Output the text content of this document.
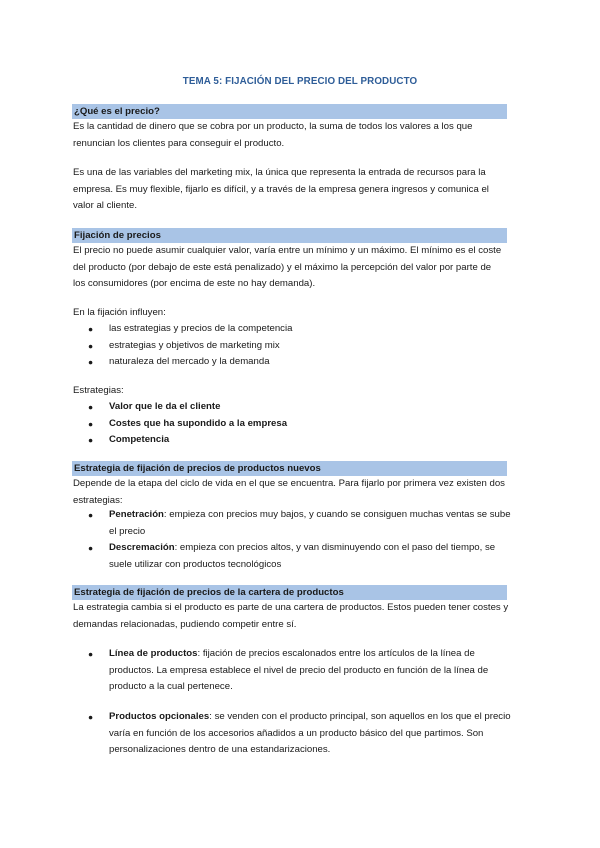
TEMA 5: FIJACIÓN DEL PRECIO DEL PRODUCTO
¿Qué es el precio?

Es la cantidad de dinero que se cobra por un producto, la suma de todos los valores a los que

renuncian los clientes para conseguir el producto.

Es una de las variables del marketing mix, la única que representa la entrada de recursos para la

empresa. Es muy flexible, fijarlo es difícil, y a través de la empresa genera ingresos y comunica el

valor al cliente.

Fijación de precios

El precio no puede asumir cualquier valor, varía entre un mínimo y un máximo. El mínimo es el coste

del producto (por debajo de este está penalizado) y el máximo la percepción del valor por parte de

los consumidores (por encima de este no hay demanda).

En la fijación influyen:
● las estrategias y precios de la competencia
● estrategias y objetivos de marketing mix
● naturaleza del mercado y la demanda
Estrategias:
● Valor que le da el cliente
● Costes que ha supondido a la empresa
● Competencia
Estrategia de fijación de precios de productos nuevos

Depende de la etapa del ciclo de vida en el que se encuentra. Para fijarlo por primera vez existen dos

estrategias:

● Penetración: empieza con precios muy bajos, y cuando se consiguen muchas ventas se sube
el precio
● Descremación: empieza con precios altos, y van disminuyendo con el paso del tiempo, se
suele utilizar con productos tecnológicos
Estrategia de fijación de precios de la cartera de productos

La estrategia cambia si el producto es parte de una cartera de productos. Estos pueden tener costes y

demandas relacionadas, pudiendo competir entre sí.

● Línea de productos: fijación de precios escalonados entre los artículos de la línea de
productos. La empresa establece el nivel de precio del producto en función de la línea de
producto a la cual pertenece.
● Productos opcionales: se venden con el producto principal, son aquellos en los que el precio
varía en función de los accesorios añadidos a un producto básico del que partimos. Son
personalizaciones dentro de una estandarizaciones.
